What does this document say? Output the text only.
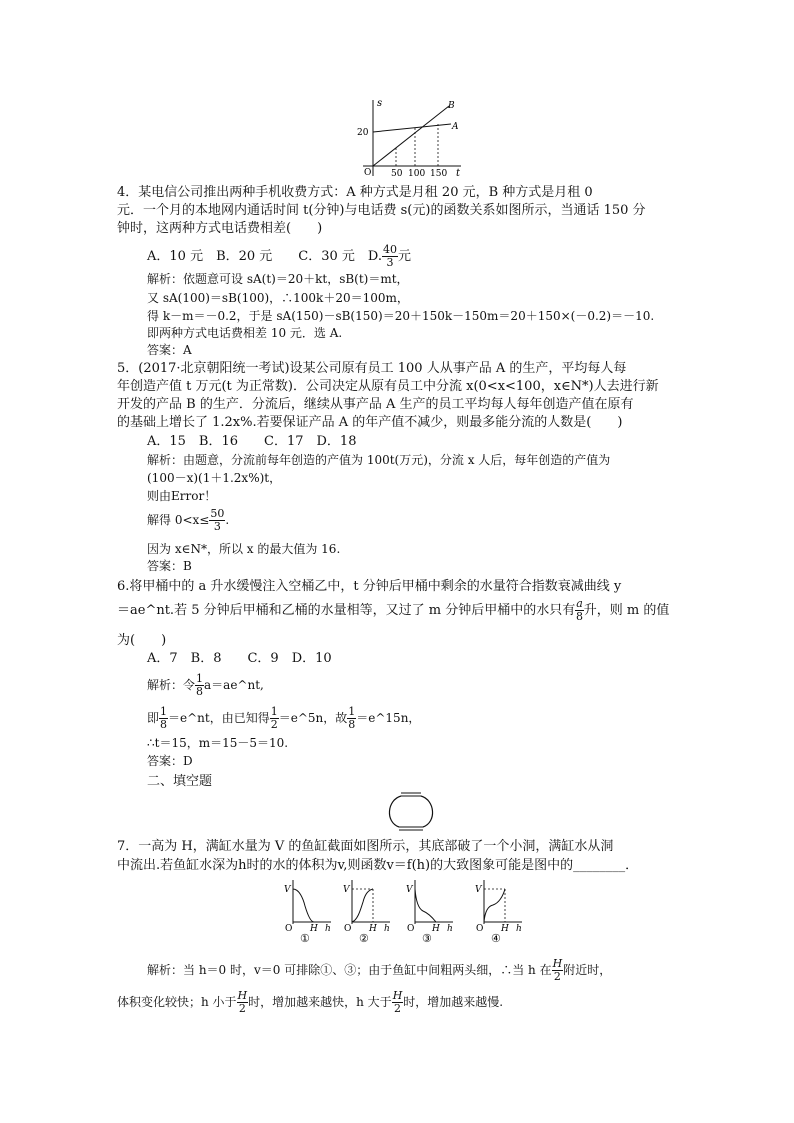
s
t
O
20
50 100 150
A
B
4．某电信公司推出两种手机收费方式：A 种方式是月租 20 元，B 种方式是月租 0
元．一个月的本地网内通话时间 t(分钟)与电话费 s(元)的函数关系如图所示，当通话 150 分
钟时，这两种方式电话费相差(　　)
A．10 元　B．20 元　　C．30 元　D. $\frac{40}{3}$ 元
解析：依题意可设 sA(t)＝20＋kt，sB(t)＝mt，
又 sA(100)＝sB(100)，∴100k＋20＝100m，
得 k－m＝－0.2，于是 sA(150)－sB(150)＝20＋150k－150m＝20＋150×(－0.2)＝－10.
即两种方式电话费相差 10 元．选 A.
答案：A
5．(2017·北京朝阳统一考试)设某公司原有员工 100 人从事产品 A 的生产，平均每人每
年创造产值 t 万元(t 为正常数)．公司决定从原有员工中分流 x(0<x<100，x∈N*)人去进行新
开发的产品 B 的生产．分流后，继续从事产品 A 生产的员工平均每人每年创造产值在原有
的基础上增长了 1.2x%.若要保证产品 A 的年产值不减少，则最多能分流的人数是(　　)
A．15　B．16　　C．17　D．18
解析：由题意，分流前每年创造的产值为 100t(万元)，分流 x 人后，每年创造的产值为
(100－x)(1＋1.2x%)t，
则由Error！
解得 $0<x\le \frac{50}{3}$ .
因为 x∈N*，所以 x 的最大值为 16.
答案：B
6.将甲桶中的 a 升水缓慢注入空桶乙中，t 分钟后甲桶中剩余的水量符合指数衰减曲线 y
＝ae^nt.若 5 分钟后甲桶和乙桶的水量相等，又过了 m 分钟后甲桶中的水只有 $\frac{a}{8}$ 升，则 m 的值
为(　　)
A．7　B．8　　C．9　D．10
解析：令 $\frac{1}{8}$ a＝ae^nt,
即 $\frac{1}{8}$ ＝e^nt，由已知得 $\frac{1}{2}$ ＝e^5n，故 $\frac{1}{8}$ ＝e^15n，
∴t＝15，m＝15－5＝10.
答案：D
二、填空题
7．一高为 H，满缸水量为 V 的鱼缸截面如图所示，其底部破了一个小洞，满缸水从洞
中流出.若鱼缸水深为h时的水的体积为v,则函数v＝f(h)的大致图象可能是图中的________．
V
O H h
①
V
O H h
②
V
O H h
③
V
O H h
④
解析：当 h＝0 时，v＝0 可排除①、③；由于鱼缸中间粗两头细，∴当 h 在 $\frac{H}{2}$ 附近时，
体积变化较快；h 小于 $\frac{H}{2}$ 时，增加越来越快，h 大于 $\frac{H}{2}$ 时，增加越来越慢.
